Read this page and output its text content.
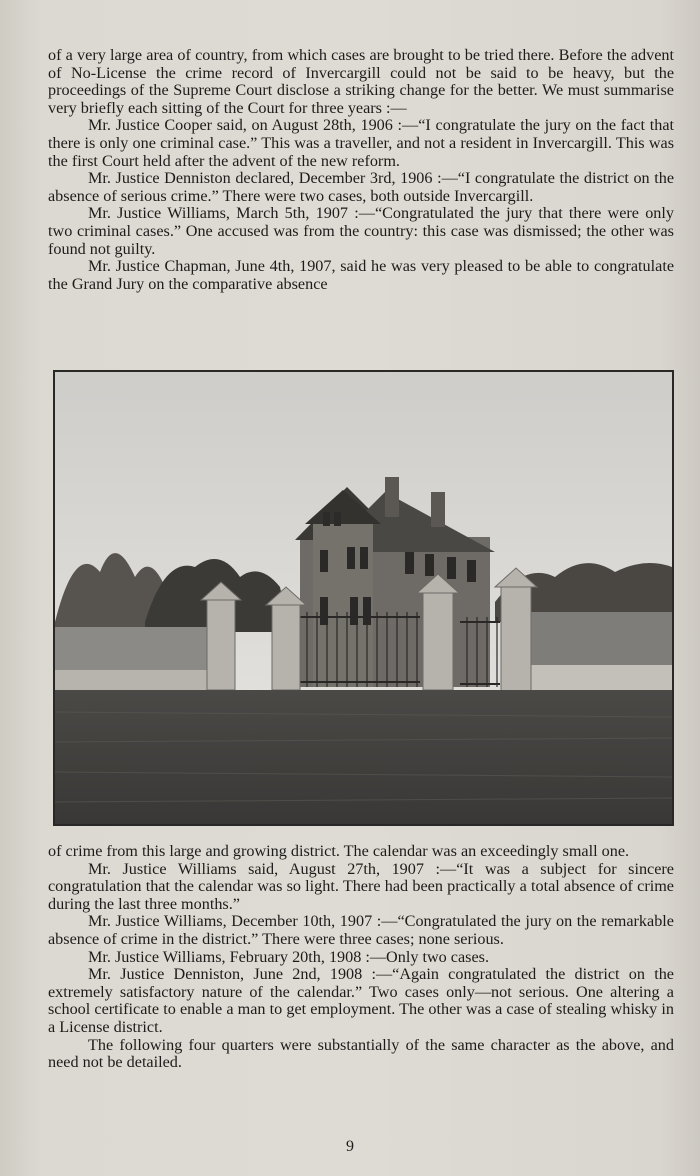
of a very large area of country, from which cases are brought to be tried there. Before the advent of No-License the crime record of Invercargill could not be said to be heavy, but the proceedings of the Supreme Court disclose a striking change for the better. We must summarise very briefly each sitting of the Court for three years :—

Mr. Justice Cooper said, on August 28th, 1906 :—“I congratulate the jury on the fact that there is only one criminal case.” This was a traveller, and not a resident in Invercargill. This was the first Court held after the advent of the new reform.

Mr. Justice Denniston declared, December 3rd, 1906 :—“I congratulate the district on the absence of serious crime.” There were two cases, both outside Invercargill.

Mr. Justice Williams, March 5th, 1907 :—“Congratulated the jury that there were only two criminal cases.” One accused was from the country: this case was dismissed; the other was found not guilty.

Mr. Justice Chapman, June 4th, 1907, said he was very pleased to be able to congratulate the Grand Jury on the comparative absence

of crime from this large and growing district. The calendar was an exceedingly small one.

Mr. Justice Williams said, August 27th, 1907 :—“It was a subject for sincere congratulation that the calendar was so light. There had been practically a total absence of crime during the last three months.”

Mr. Justice Williams, December 10th, 1907 :—“Congratulated the jury on the remarkable absence of crime in the district.” There were three cases; none serious.

Mr. Justice Williams, February 20th, 1908 :—Only two cases.

Mr. Justice Denniston, June 2nd, 1908 :—“Again congratulated the district on the extremely satisfactory nature of the calendar.” Two cases only—not serious. One altering a school certificate to enable a man to get employment. The other was a case of stealing whisky in a License district.

The following four quarters were substantially of the same character as the above, and need not be detailed.

9
